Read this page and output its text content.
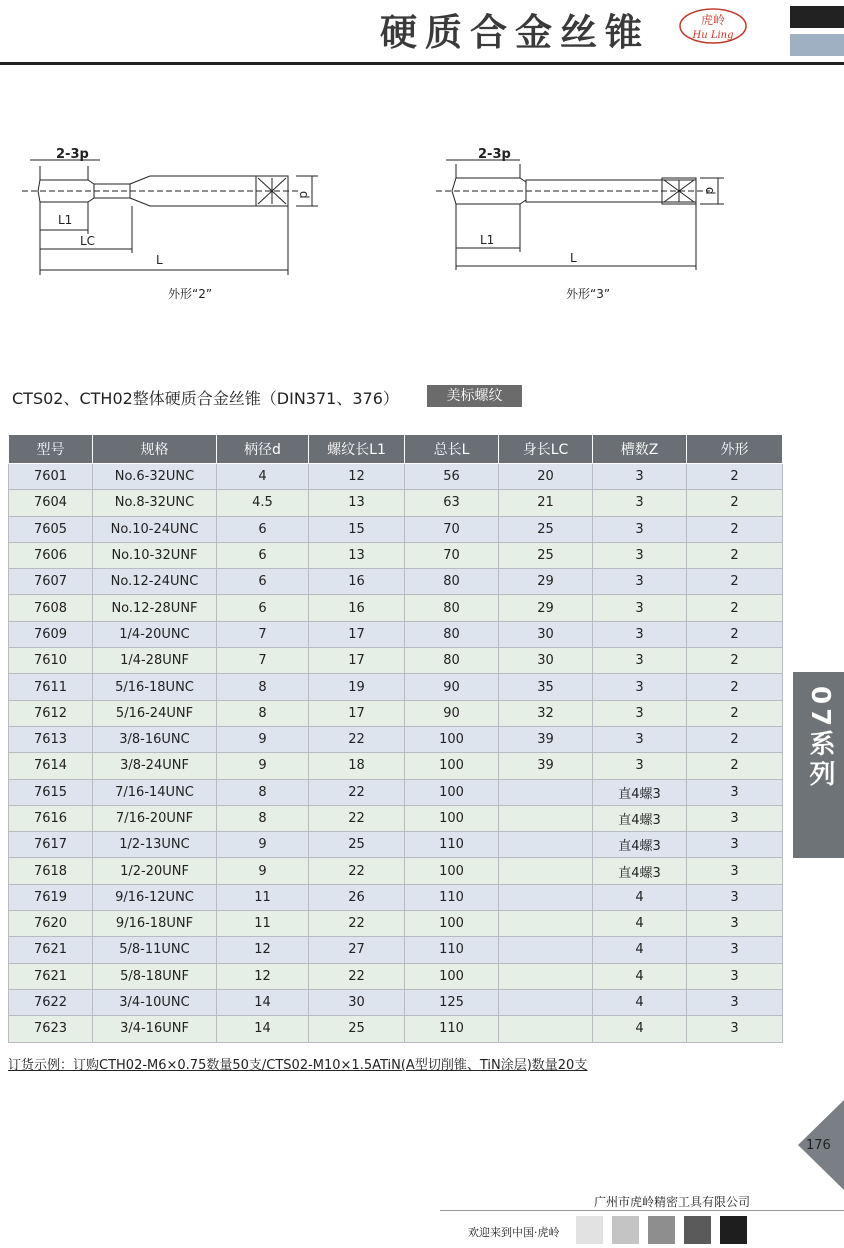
硬质合金丝锥	虎岭
Hu Ling
2-3p
d
L1
LC
L
外形“2”
2-3p
d
L1
L
外形“3”
CTS02、CTH02整体硬质合金丝锥（DIN371、376）	美标螺纹
型号	规格	柄径d	螺纹长L1	总长L	身长LC	槽数Z	外形
7601	No.6-32UNC	4	12	56	20	3	2
7604	No.8-32UNC	4.5	13	63	21	3	2
7605	No.10-24UNC	6	15	70	25	3	2
7606	No.10-32UNF	6	13	70	25	3	2
7607	No.12-24UNC	6	16	80	29	3	2
7608	No.12-28UNF	6	16	80	29	3	2
7609	1/4-20UNC	7	17	80	30	3	2
7610	1/4-28UNF	7	17	80	30	3	2
7611	5/16-18UNC	8	19	90	35	3	2
7612	5/16-24UNF	8	17	90	32	3	2
7613	3/8-16UNC	9	22	100	39	3	2
7614	3/8-24UNF	9	18	100	39	3	2
7615	7/16-14UNC	8	22	100		直4螺3	3
7616	7/16-20UNF	8	22	100		直4螺3	3
7617	1/2-13UNC	9	25	110		直4螺3	3
7618	1/2-20UNF	9	22	100		直4螺3	3
7619	9/16-12UNC	11	26	110		4	3
7620	9/16-18UNF	11	22	100		4	3
7621	5/8-11UNC	12	27	110		4	3
7621	5/8-18UNF	12	22	100		4	3
7622	3/4-10UNC	14	30	125		4	3
7623	3/4-16UNF	14	25	110		4	3
订货示例：订购CTH02-M6×0.75数量50支/CTS02-M10×1.5ATiN(A型切削锥、TiN涂层)数量20支
07系列
176
广州市虎岭精密工具有限公司
欢迎来到中国·虎岭
